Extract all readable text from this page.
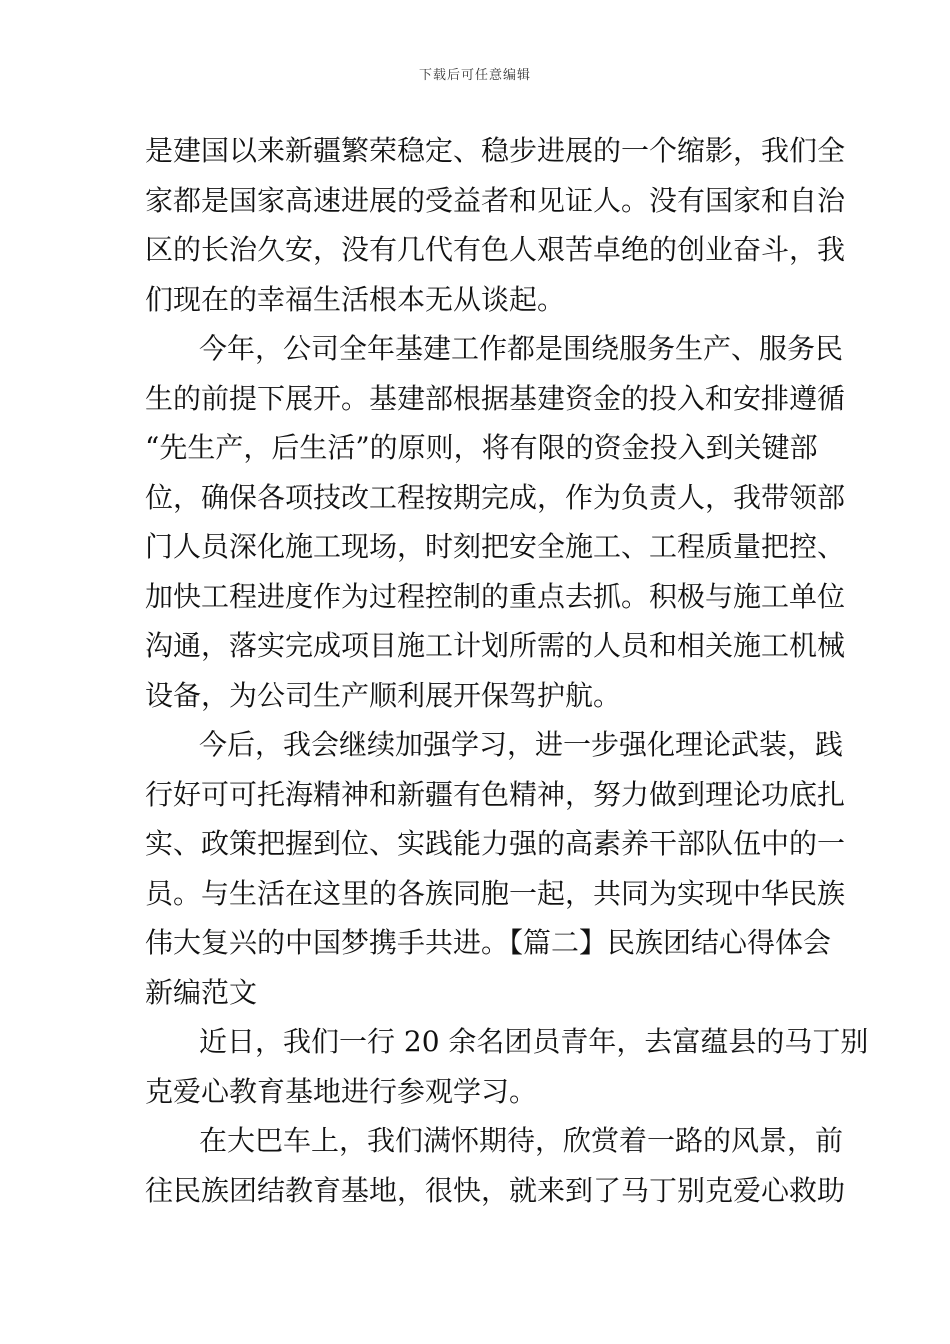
下载后可任意编辑
是建国以来新疆繁荣稳定、稳步进展的一个缩影，我们全
家都是国家高速进展的受益者和见证人。没有国家和自治
区的长治久安，没有几代有色人艰苦卓绝的创业奋斗，我
们现在的幸福生活根本无从谈起。
今年，公司全年基建工作都是围绕服务生产、服务民
生的前提下展开。基建部根据基建资金的投入和安排遵循
“先生产，后生活”的原则，将有限的资金投入到关键部
位，确保各项技改工程按期完成，作为负责人，我带领部
门人员深化施工现场，时刻把安全施工、工程质量把控、
加快工程进度作为过程控制的重点去抓。积极与施工单位
沟通，落实完成项目施工计划所需的人员和相关施工机械
设备，为公司生产顺利展开保驾护航。
今后，我会继续加强学习，进一步强化理论武装，践
行好可可托海精神和新疆有色精神，努力做到理论功底扎
实、政策把握到位、实践能力强的高素养干部队伍中的一
员。与生活在这里的各族同胞一起，共同为实现中华民族
伟大复兴的中国梦携手共进。【篇二】民族团结心得体会
新编范文
近日，我们一行 20 余名团员青年，去富蕴县的马丁别
克爱心教育基地进行参观学习。
在大巴车上，我们满怀期待，欣赏着一路的风景，前
往民族团结教育基地，很快，就来到了马丁别克爱心救助
